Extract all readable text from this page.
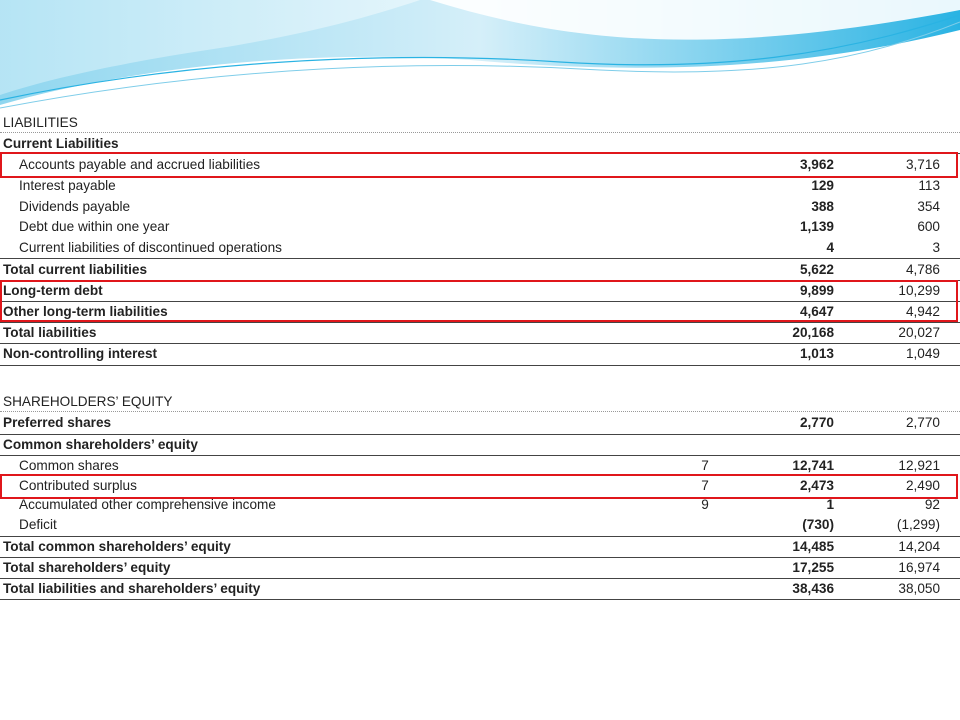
LIABILITIES
Current Liabilities
Accounts payable and accrued liabilities	3,962	3,716
Interest payable	129	113
Dividends payable	388	354
Debt due within one year	1,139	600
Current liabilities of discontinued operations	4	3
Total current liabilities	5,622	4,786
Long-term debt	9,899	10,299
Other long-term liabilities	4,647	4,942
Total liabilities	20,168	20,027
Non-controlling interest	1,013	1,049
SHAREHOLDERS’ EQUITY
Preferred shares	2,770	2,770
Common shareholders’ equity
Common shares	7	12,741	12,921
Contributed surplus	7	2,473	2,490
Accumulated other comprehensive income	9	1	92
Deficit	(730)	(1,299)
Total common shareholders’ equity	14,485	14,204
Total shareholders’ equity	17,255	16,974
Total liabilities and shareholders’ equity	38,436	38,050
